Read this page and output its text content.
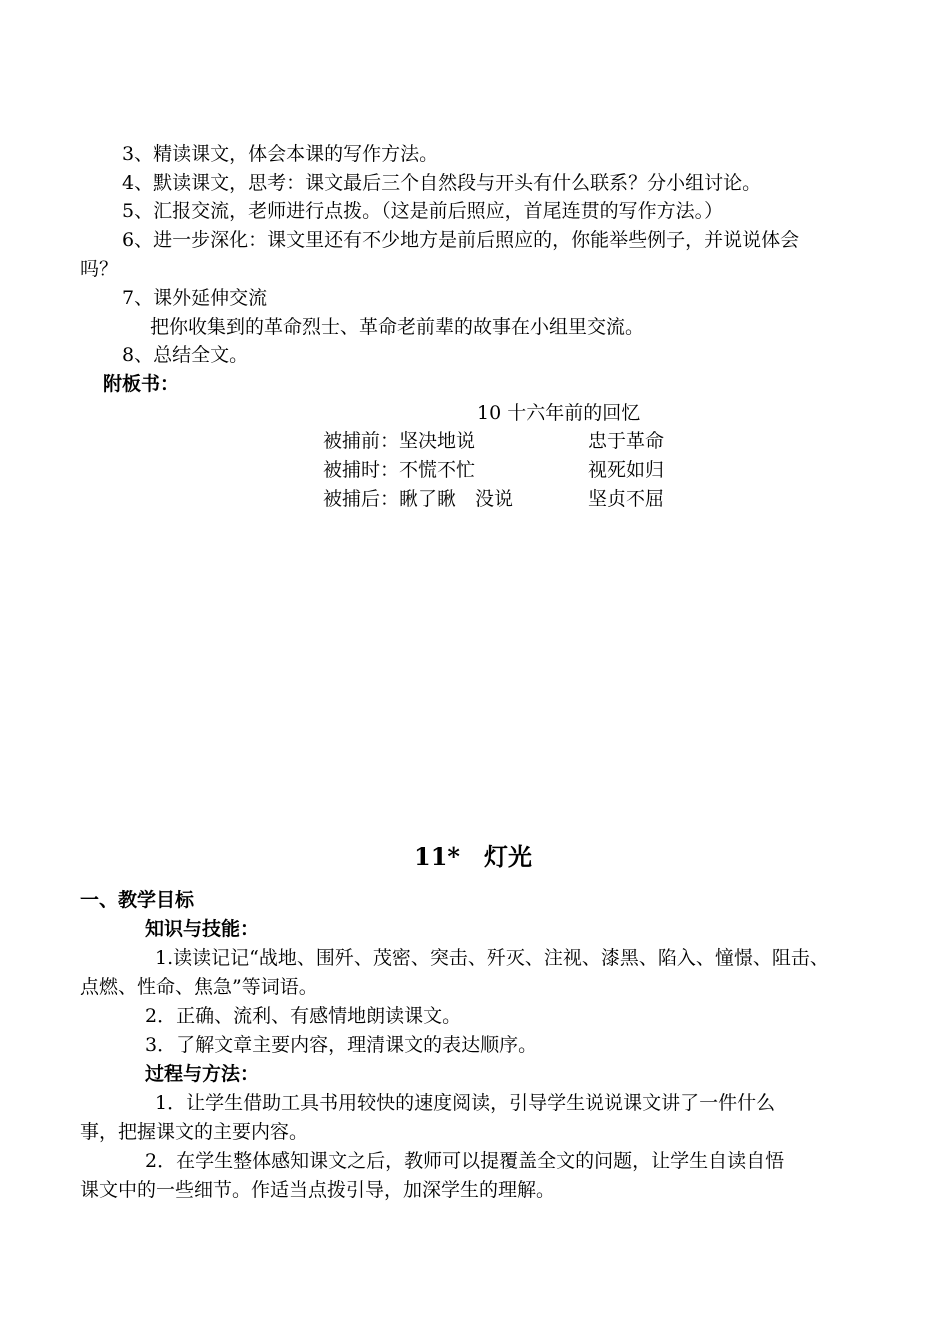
3、精读课文，体会本课的写作方法。
4、默读课文，思考：课文最后三个自然段与开头有什么联系？分小组讨论。
5、汇报交流，老师进行点拨。（这是前后照应，首尾连贯的写作方法。）
6、进一步深化：课文里还有不少地方是前后照应的，你能举些例子，并说说体会
吗？
7、课外延伸交流
把你收集到的革命烈士、革命老前辈的故事在小组里交流。
8、总结全文。
附板书：
10 十六年前的回忆
被捕前：坚决地说	忠于革命
被捕时：不慌不忙	视死如归
被捕后：瞅了瞅　没说	坚贞不屈
11*　灯光
一、教学目标
知识与技能：
1.读读记记“战地、围歼、茂密、突击、歼灭、注视、漆黑、陷入、憧憬、阻击、
点燃、性命、焦急”等词语。
2．正确、流利、有感情地朗读课文。
3．了解文章主要内容，理清课文的表达顺序。
过程与方法：
1．让学生借助工具书用较快的速度阅读，引导学生说说课文讲了一件什么
事，把握课文的主要内容。
2．在学生整体感知课文之后，教师可以提覆盖全文的问题，让学生自读自悟
课文中的一些细节。作适当点拨引导，加深学生的理解。
